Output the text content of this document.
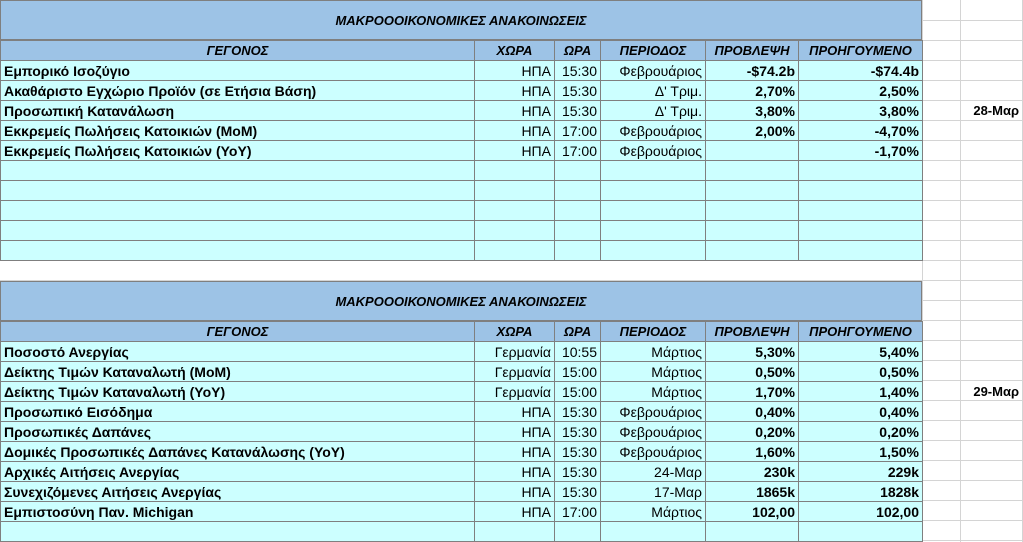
ΜΑΚΡΟΟΟΙΚΟΝΟΜΙΚΕΣ ΑΝΑΚΟΙΝΩΣΕΙΣ
ΓΕΓΟΝΟΣ	ΧΩΡΑ	ΩΡΑ	ΠΕΡΙΟΔΟΣ	ΠΡΟΒΛΕΨΗ	ΠΡΟΗΓΟΥΜΕΝΟ
Εμπορικό Ισοζύγιο	ΗΠΑ	15:30	Φεβρουάριος	-$74.2b	-$74.4b
Ακαθάριστο Εγχώριο Προϊόν (σε Ετήσια Βάση)	ΗΠΑ	15:30	Δ' Τριμ.	2,70%	2,50%
Προσωπική Κατανάλωση	ΗΠΑ	15:30	Δ' Τριμ.	3,80%	3,80%
Εκκρεμείς Πωλήσεις Κατοικιών (MoM)	ΗΠΑ	17:00	Φεβρουάριος	2,00%	-4,70%
Εκκρεμείς Πωλήσεις Κατοικιών (YoY)	ΗΠΑ	17:00	Φεβρουάριος		-1,70%

28-Μαρ
ΜΑΚΡΟΟΟΙΚΟΝΟΜΙΚΕΣ ΑΝΑΚΟΙΝΩΣΕΙΣ
ΓΕΓΟΝΟΣ	ΧΩΡΑ	ΩΡΑ	ΠΕΡΙΟΔΟΣ	ΠΡΟΒΛΕΨΗ	ΠΡΟΗΓΟΥΜΕΝΟ
Ποσοστό Ανεργίας	Γερμανία	10:55	Μάρτιος	5,30%	5,40%
Δείκτης Τιμών Καταναλωτή (MoM)	Γερμανία	15:00	Μάρτιος	0,50%	0,50%
Δείκτης Τιμών Καταναλωτή (YoY)	Γερμανία	15:00	Μάρτιος	1,70%	1,40%
Προσωπικό Εισόδημα	ΗΠΑ	15:30	Φεβρουάριος	0,40%	0,40%
Προσωπικές Δαπάνες	ΗΠΑ	15:30	Φεβρουάριος	0,20%	0,20%
Δομικές Προσωπικές Δαπάνες Κατανάλωσης (YoY)	ΗΠΑ	15:30	Φεβρουάριος	1,60%	1,50%
Αρχικές Αιτήσεις Ανεργίας	ΗΠΑ	15:30	24-Μαρ	230k	229k
Συνεχιζόμενες Αιτήσεις Ανεργίας	ΗΠΑ	15:30	17-Μαρ	1865k	1828k
Εμπιστοσύνη Παν. Michigan	ΗΠΑ	17:00	Μάρτιος	102,00	102,00

29-Μαρ
